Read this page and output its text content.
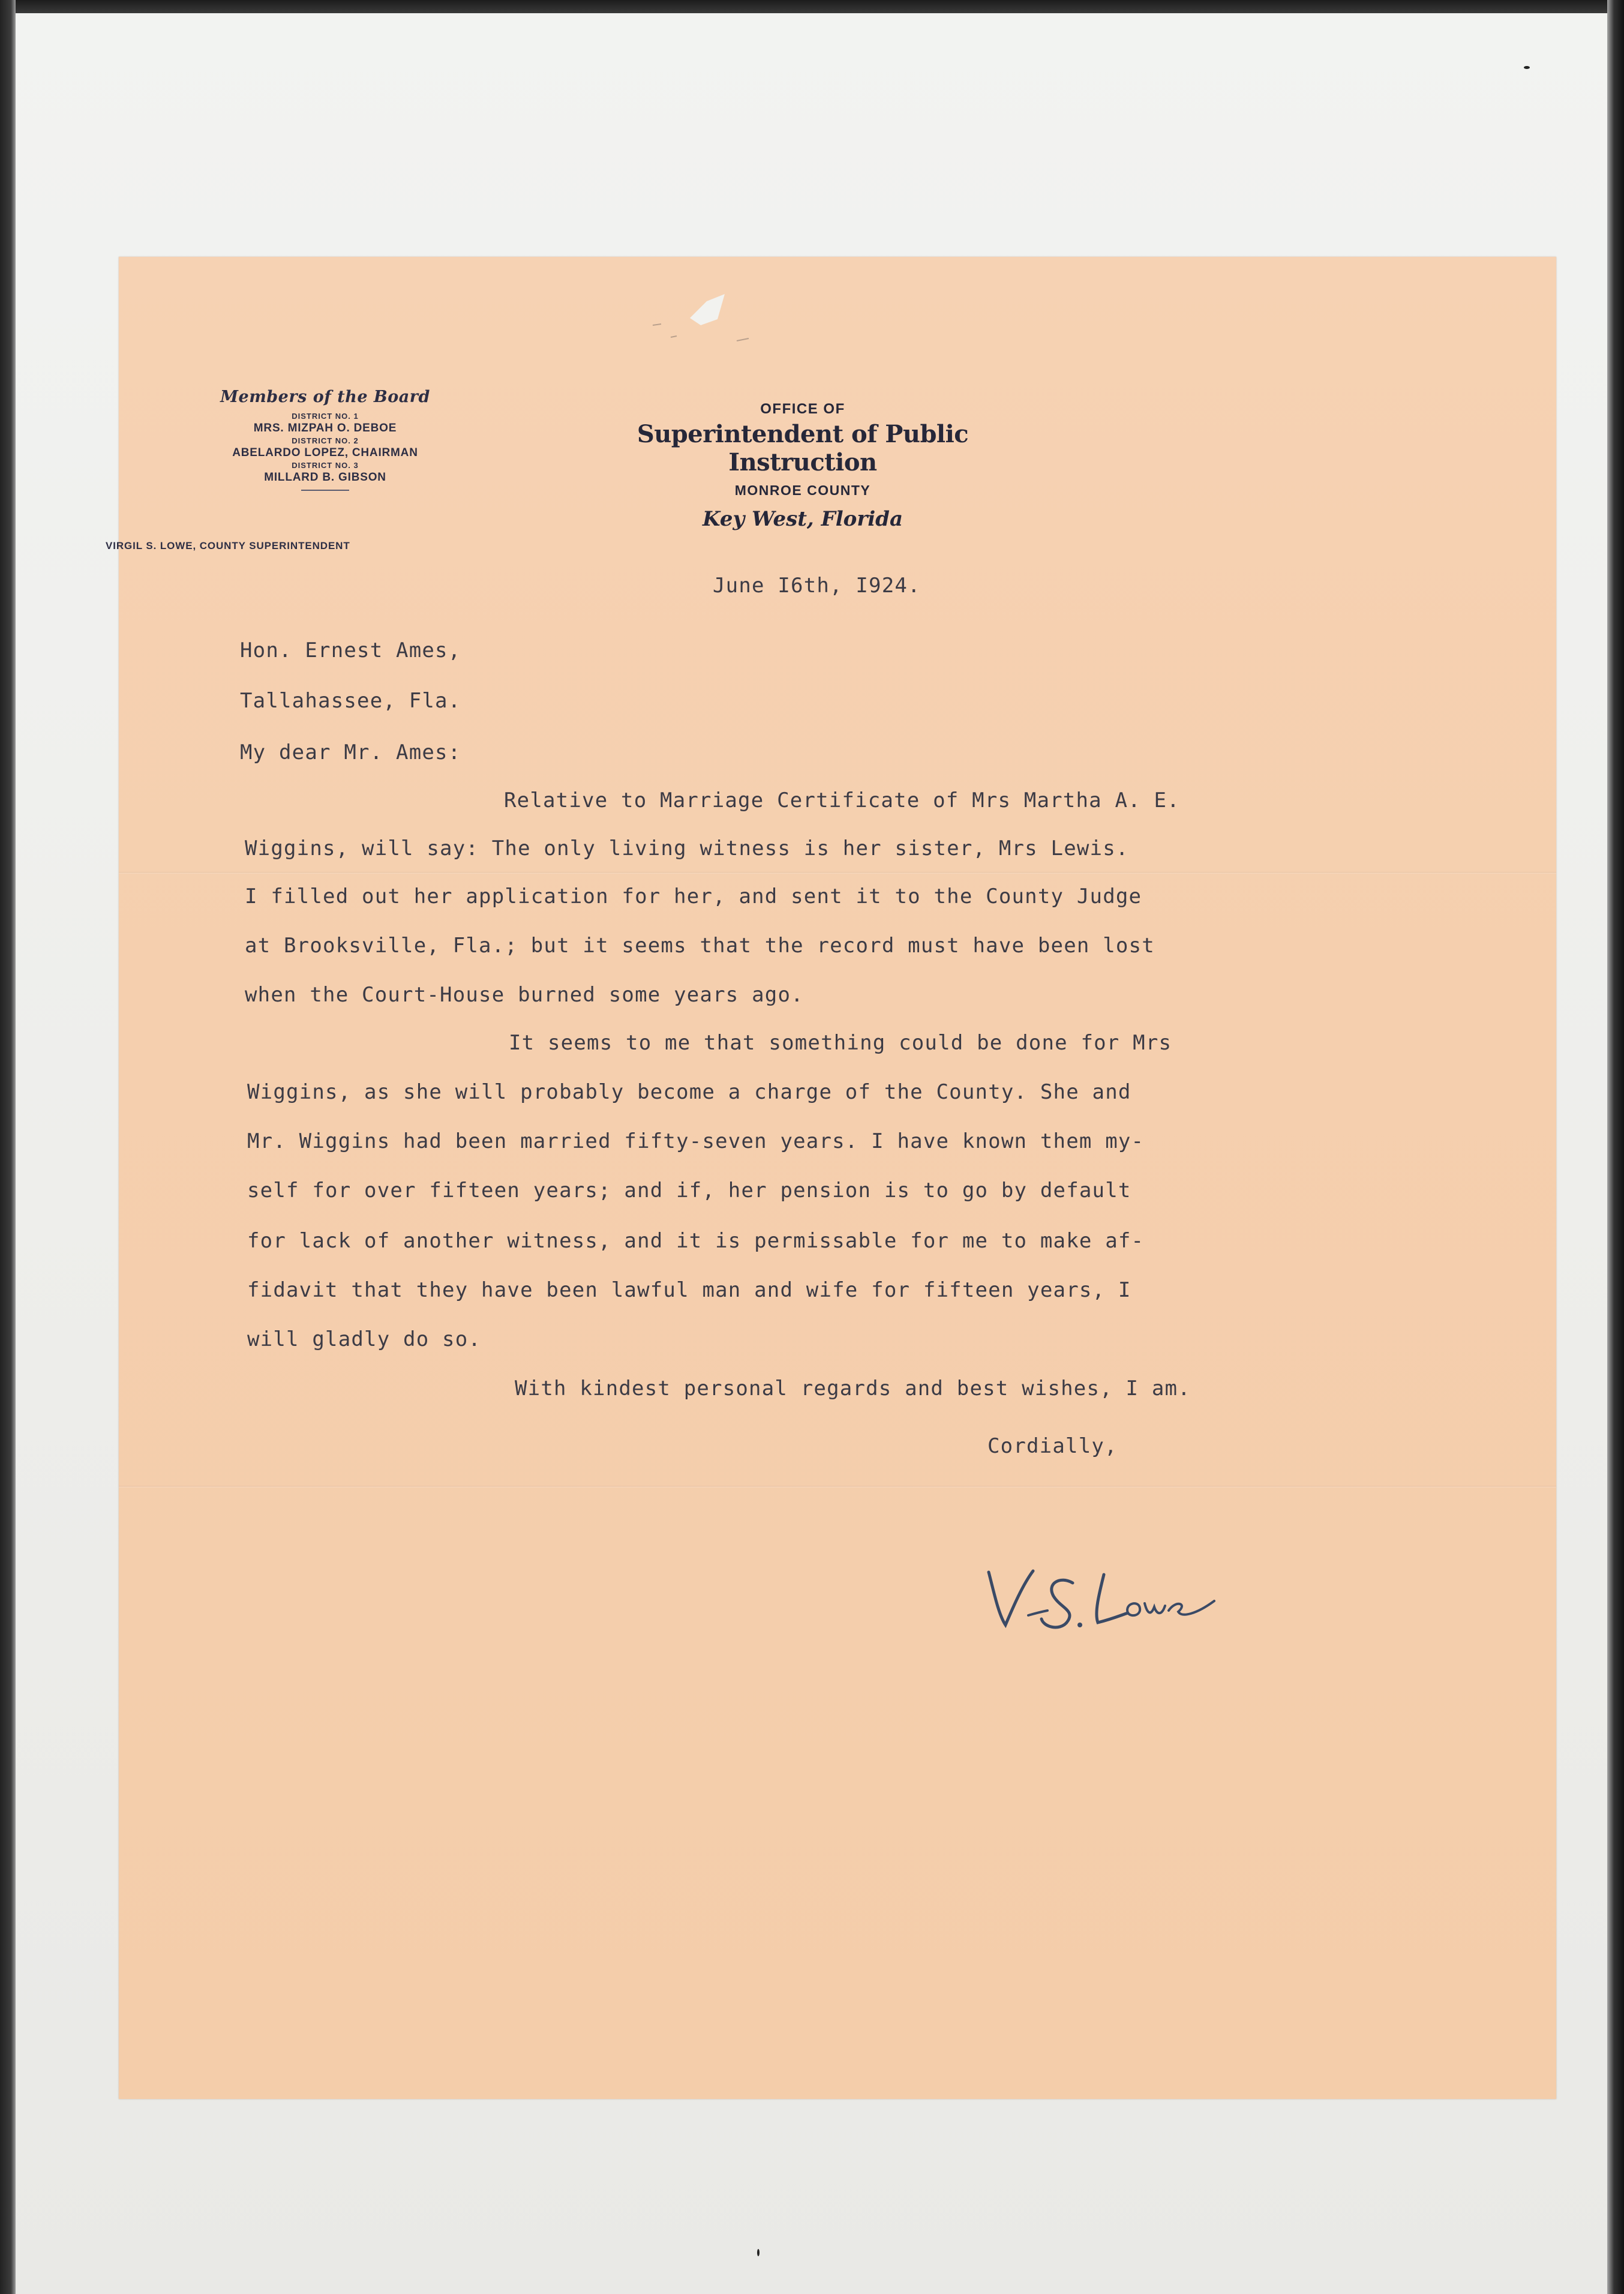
Members of the Board
DISTRICT NO. 1
MRS. MIZPAH O. DEBOE
DISTRICT NO. 2
ABELARDO LOPEZ, CHAIRMAN
DISTRICT NO. 3
MILLARD B. GIBSON
VIRGIL S. LOWE, COUNTY SUPERINTENDENT
OFFICE OF
Superintendent of Public Instruction
MONROE COUNTY
Key West, Florida
June I6th, I924.
Hon. Ernest Ames,
Tallahassee, Fla.
My dear Mr. Ames:
Relative to Marriage Certificate of Mrs Martha A. E.
Wiggins, will say: The only living witness is her sister, Mrs Lewis.
I filled out her application for her, and sent it to the County Judge
at Brooksville, Fla.; but it seems that the record must have been lost
when the Court-House burned some years ago.
It seems to me that something could be done for Mrs
Wiggins, as she will probably become a charge of the County. She and
Mr. Wiggins had been married fifty-seven years. I have known them my-
self for over fifteen years; and if, her pension is to go by default
for lack of another witness, and it is permissable for me to make af-
fidavit that they have been lawful man and wife for fifteen years, I
will gladly do so.
With kindest personal regards and best wishes, I am.
Cordially,
